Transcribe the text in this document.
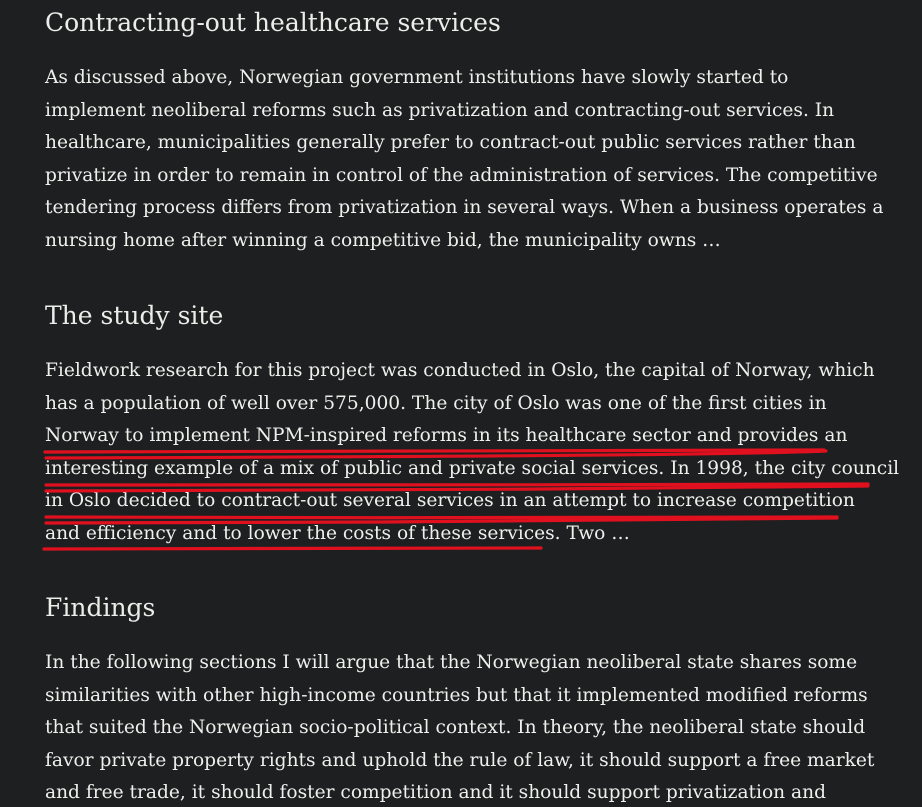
Contracting-out healthcare services

As discussed above, Norwegian government institutions have slowly started to
implement neoliberal reforms such as privatization and contracting-out services. In
healthcare, municipalities generally prefer to contract-out public services rather than
privatize in order to remain in control of the administration of services. The competitive
tendering process differs from privatization in several ways. When a business operates a
nursing home after winning a competitive bid, the municipality owns …

The study site

Fieldwork research for this project was conducted in Oslo, the capital of Norway, which
has a population of well over 575,000. The city of Oslo was one of the first cities in
Norway to implement NPM-inspired reforms in its healthcare sector and provides an
interesting example of a mix of public and private social services. In 1998, the city council
in Oslo decided to contract-out several services in an attempt to increase competition
and efficiency and to lower the costs of these services. Two …

Findings

In the following sections I will argue that the Norwegian neoliberal state shares some
similarities with other high-income countries but that it implemented modified reforms
that suited the Norwegian socio-political context. In theory, the neoliberal state should
favor private property rights and uphold the rule of law, it should support a free market
and free trade, it should foster competition and it should support privatization and
